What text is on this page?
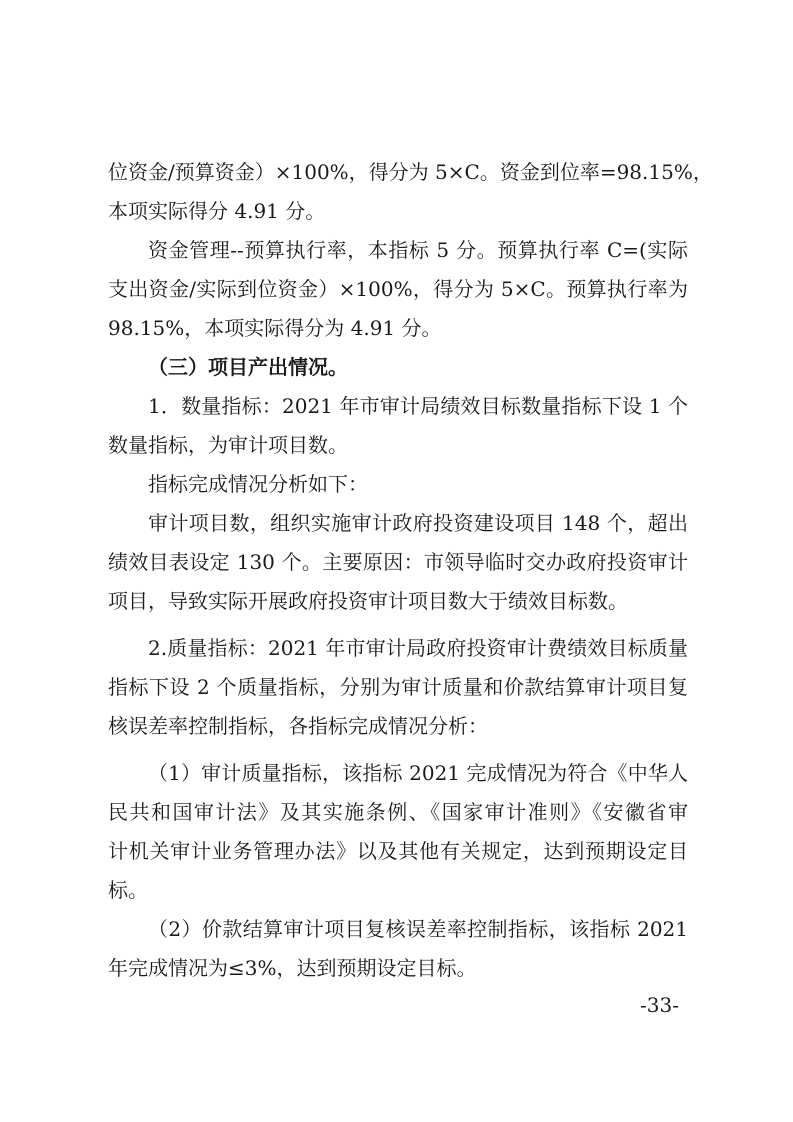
位资金/预算资金）×100%，得分为 5×C。资金到位率=98.15%，
本项实际得分 4.91 分。
资金管理--预算执行率，本指标 5 分。预算执行率 C=(实际
支出资金/实际到位资金）×100%，得分为 5×C。预算执行率为
98.15%，本项实际得分为 4.91 分。
（三）项目产出情况。
1．数量指标：2021 年市审计局绩效目标数量指标下设 1 个
数量指标，为审计项目数。
指标完成情况分析如下：
审计项目数，组织实施审计政府投资建设项目 148 个，超出
绩效目表设定 130 个。主要原因：市领导临时交办政府投资审计
项目，导致实际开展政府投资审计项目数大于绩效目标数。
2.质量指标：2021 年市审计局政府投资审计费绩效目标质量
指标下设 2 个质量指标，分别为审计质量和价款结算审计项目复
核误差率控制指标，各指标完成情况分析：
（1）审计质量指标，该指标 2021 完成情况为符合《中华人
民共和国审计法》及其实施条例、《国家审计准则》《安徽省审
计机关审计业务管理办法》以及其他有关规定，达到预期设定目
标。
（2）价款结算审计项目复核误差率控制指标，该指标 2021
年完成情况为≤3%，达到预期设定目标。
-33-
